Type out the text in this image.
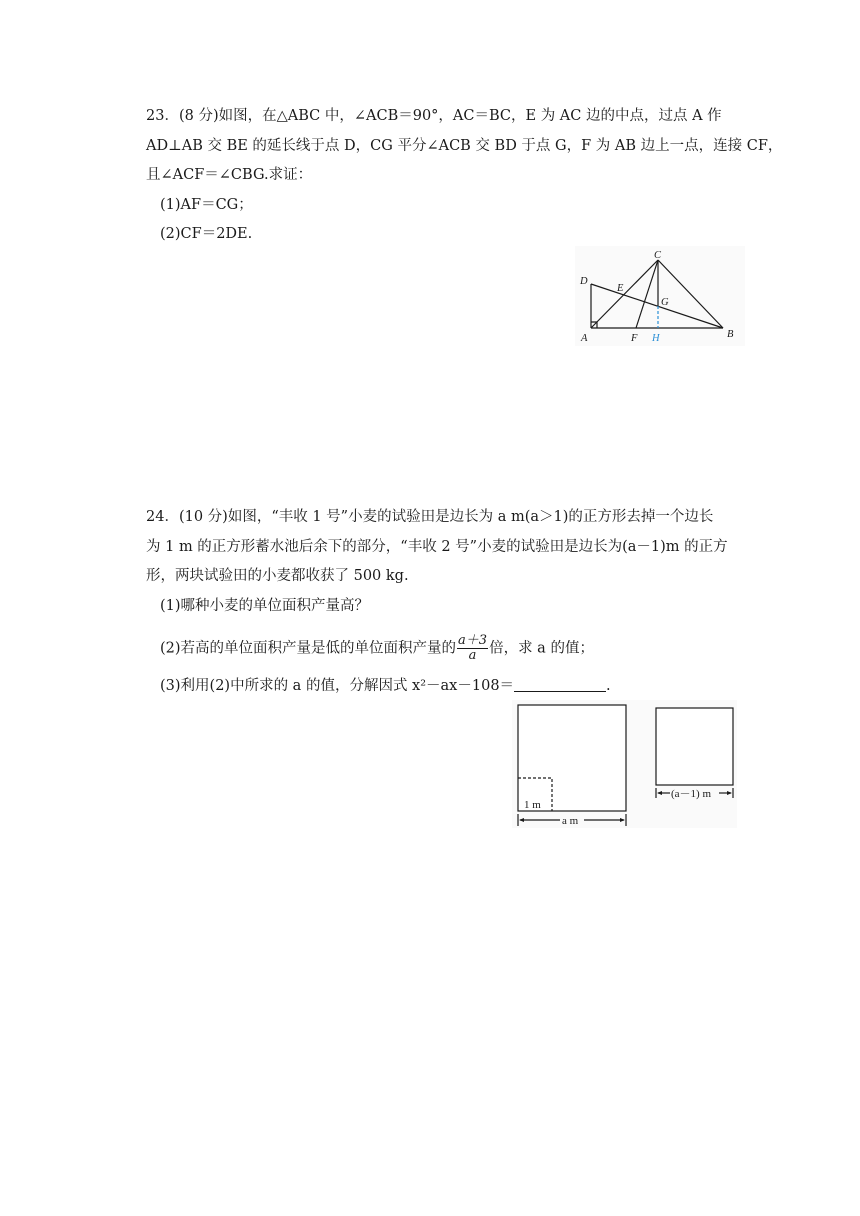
23．(8 分)如图，在△ABC 中，∠ACB＝90°，AC＝BC，E 为 AC 边的中点，过点 A 作
AD⊥AB 交 BE 的延长线于点 D，CG 平分∠ACB 交 BD 于点 G，F 为 AB 边上一点，连接 CF，
且∠ACF＝∠CBG.求证：
(1)AF＝CG；
(2)CF＝2DE.
C
D
E
G
A	F H	B
24．(10 分)如图，“丰收 1 号”小麦的试验田是边长为 a m(a＞1)的正方形去掉一个边长
为 1 m 的正方形蓄水池后余下的部分，“丰收 2 号”小麦的试验田是边长为(a－1)m 的正方
形，两块试验田的小麦都收获了 500 kg.
(1)哪种小麦的单位面积产量高？
(2)若高的单位面积产量是低的单位面积产量的 $\frac{a+3}{a}$ 倍，求 a 的值；
(3)利用(2)中所求的 a 的值，分解因式 x²－ax－108＝	.
1 m
a m
(a－1) m
